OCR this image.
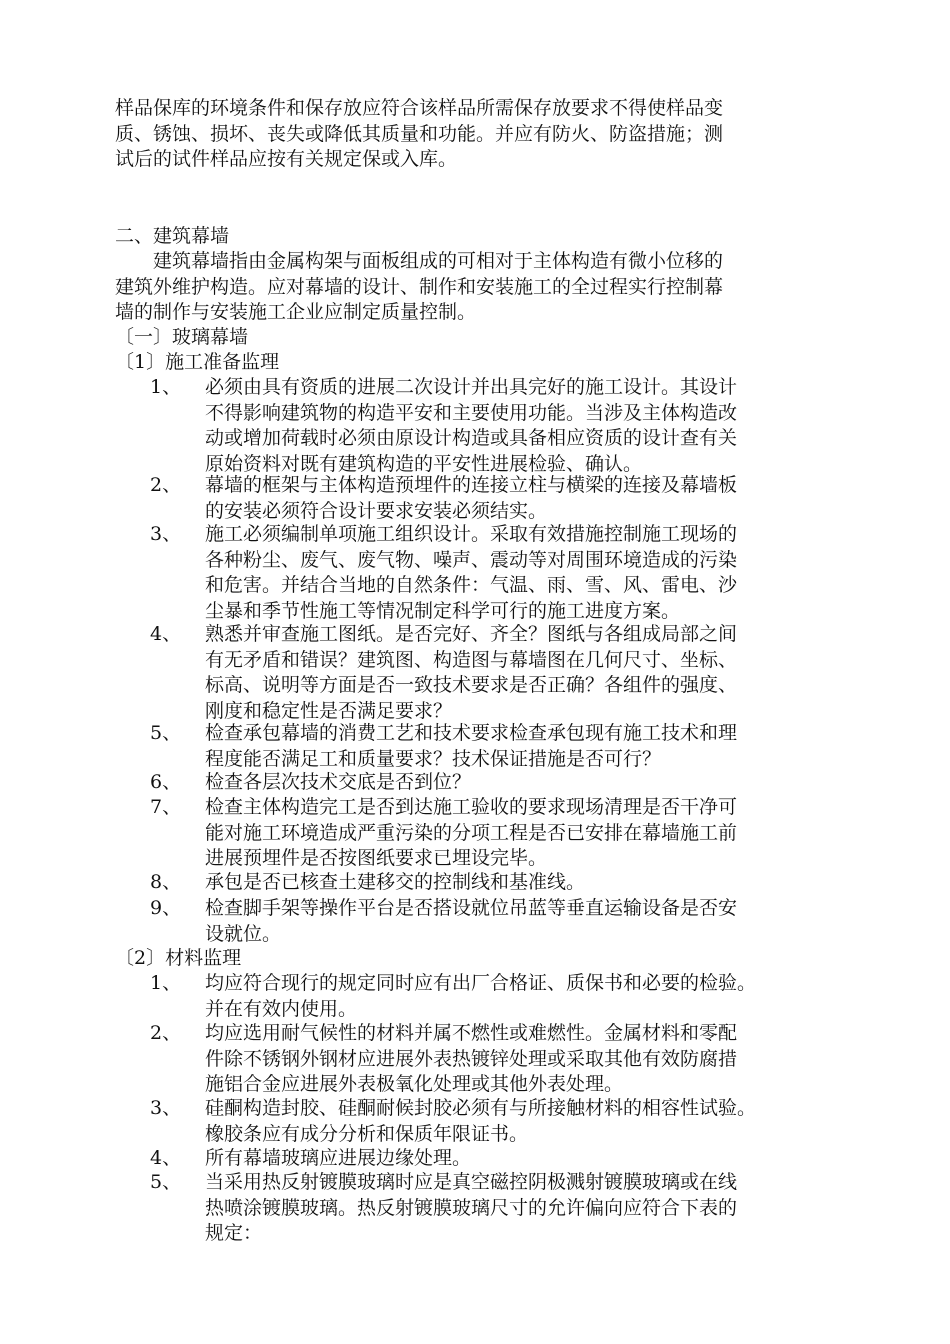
样品保库的环境条件和保存放应符合该样品所需保存放要求不得使样品变
质、锈蚀、损坏、丧失或降低其质量和功能。并应有防火、防盗措施；测
试后的试件样品应按有关规定保或入库。
二、建筑幕墙
　　建筑幕墙指由金属构架与面板组成的可相对于主体构造有微小位移的
建筑外维护构造。应对幕墙的设计、制作和安装施工的全过程实行控制幕
墙的制作与安装施工企业应制定质量控制。
〔一〕玻璃幕墙
〔1〕施工准备监理
1、 必须由具有资质的进展二次设计并出具完好的施工设计。其设计
不得影响建筑物的构造平安和主要使用功能。当涉及主体构造改
动或增加荷载时必须由原设计构造或具备相应资质的设计查有关
原始资料对既有建筑构造的平安性进展检验、确认。
2、 幕墙的框架与主体构造预埋件的连接立柱与横梁的连接及幕墙板
的安装必须符合设计要求安装必须结实。
3、 施工必须编制单项施工组织设计。采取有效措施控制施工现场的
各种粉尘、废气、废气物、噪声、震动等对周围环境造成的污染
和危害。并结合当地的自然条件：气温、雨、雪、风、雷电、沙
尘暴和季节性施工等情况制定科学可行的施工进度方案。
4、 熟悉并审查施工图纸。是否完好、齐全？图纸与各组成局部之间
有无矛盾和错误？建筑图、构造图与幕墙图在几何尺寸、坐标、
标高、说明等方面是否一致技术要求是否正确？各组件的强度、
刚度和稳定性是否满足要求？
5、 检查承包幕墙的消费工艺和技术要求检查承包现有施工技术和理
程度能否满足工和质量要求？技术保证措施是否可行？
6、 检查各层次技术交底是否到位？
7、 检查主体构造完工是否到达施工验收的要求现场清理是否干净可
能对施工环境造成严重污染的分项工程是否已安排在幕墙施工前
进展预埋件是否按图纸要求已埋设完毕。
8、 承包是否已核查土建移交的控制线和基准线。
9、 检查脚手架等操作平台是否搭设就位吊蓝等垂直运输设备是否安
设就位。
〔2〕材料监理
1、 均应符合现行的规定同时应有出厂合格证、质保书和必要的检验。
并在有效内使用。
2、 均应选用耐气候性的材料并属不燃性或难燃性。金属材料和零配
件除不锈钢外钢材应进展外表热镀锌处理或采取其他有效防腐措
施铝合金应进展外表极氧化处理或其他外表处理。
3、 硅酮构造封胶、硅酮耐候封胶必须有与所接触材料的相容性试验。
橡胶条应有成分分析和保质年限证书。
4、 所有幕墙玻璃应进展边缘处理。
5、 当采用热反射镀膜玻璃时应是真空磁控阴极溅射镀膜玻璃或在线
热喷涂镀膜玻璃。热反射镀膜玻璃尺寸的允许偏向应符合下表的
规定：
